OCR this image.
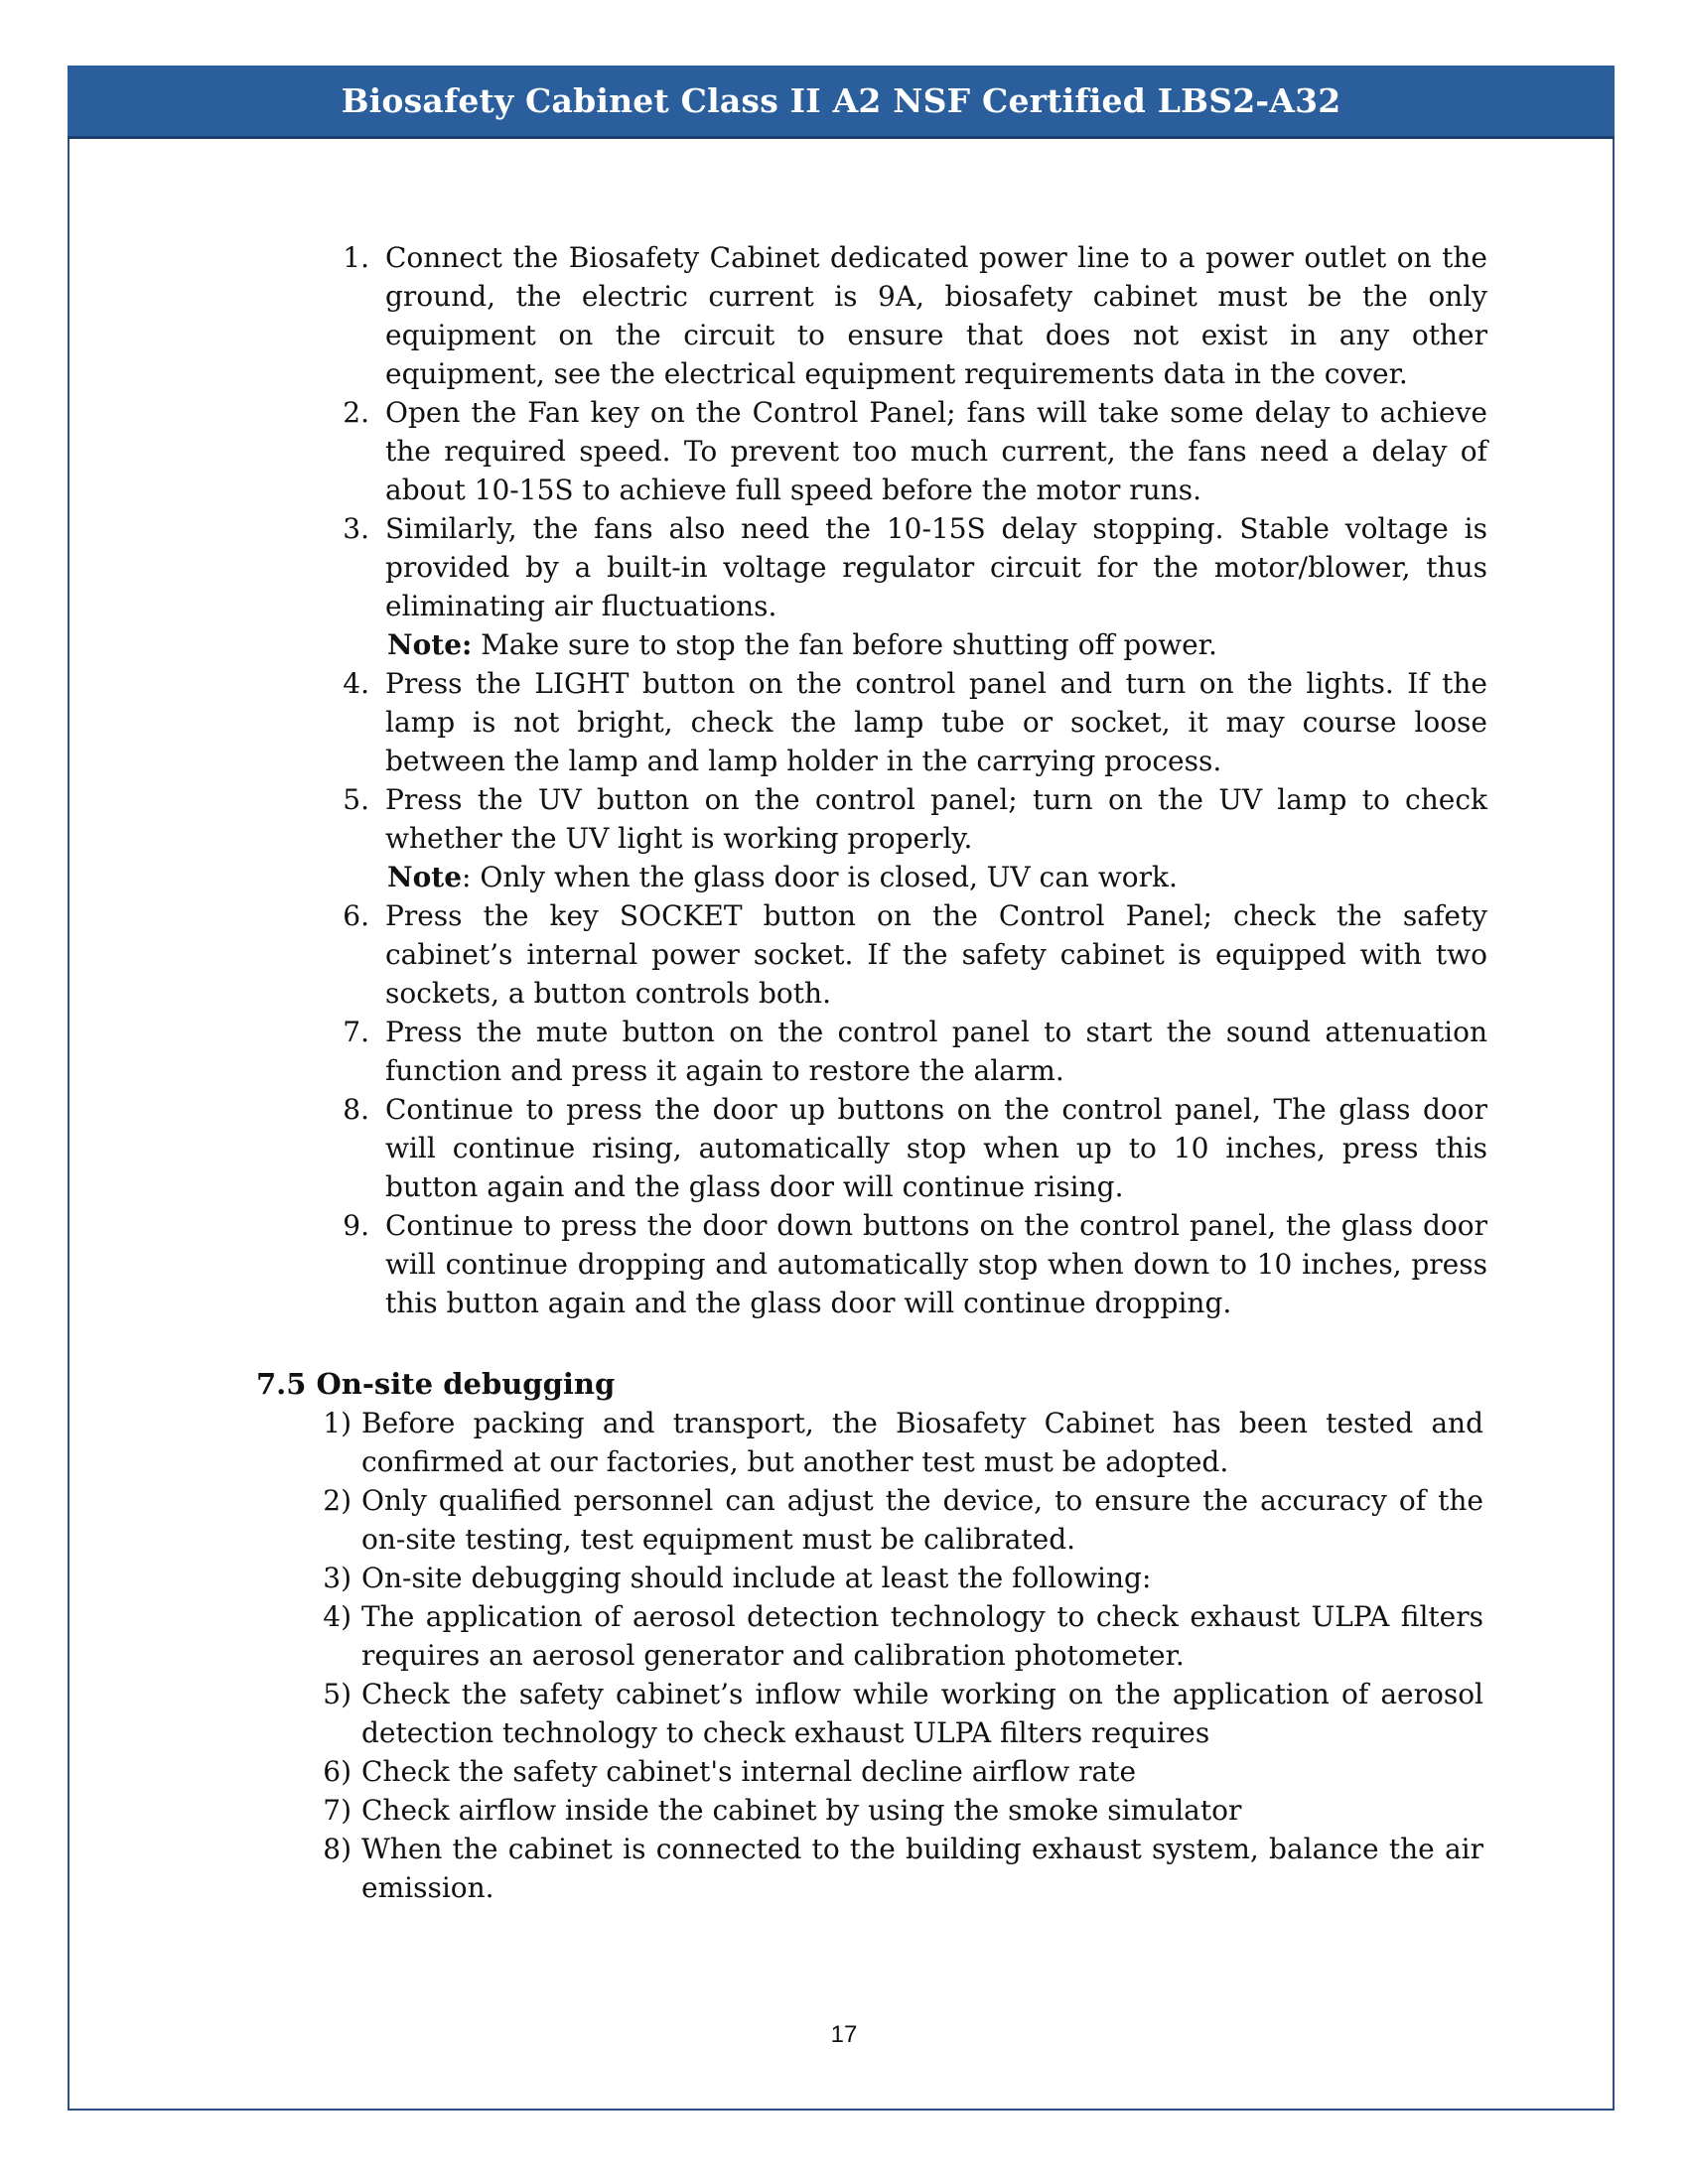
Biosafety Cabinet Class II A2 NSF Certified LBS2-A32
1. Connect the Biosafety Cabinet dedicated power line to a power outlet on the ground, the electric current is 9A, biosafety cabinet must be the only equipment on the circuit to ensure that does not exist in any other equipment, see the electrical equipment requirements data in the cover.
2. Open the Fan key on the Control Panel; fans will take some delay to achieve the required speed. To prevent too much current, the fans need a delay of about 10-15S to achieve full speed before the motor runs.
3. Similarly, the fans also need the 10-15S delay stopping. Stable voltage is provided by a built-in voltage regulator circuit for the motor/blower, thus eliminating air fluctuations.

Note: Make sure to stop the fan before shutting off power.

4. Press the LIGHT button on the control panel and turn on the lights. If the lamp is not bright, check the lamp tube or socket, it may course loose between the lamp and lamp holder in the carrying process.
5. Press the UV button on the control panel; turn on the UV lamp to check whether the UV light is working properly.

Note: Only when the glass door is closed, UV can work.

6. Press the key SOCKET button on the Control Panel; check the safety cabinet’s internal power socket. If the safety cabinet is equipped with two sockets, a button controls both.
7. Press the mute button on the control panel to start the sound attenuation function and press it again to restore the alarm.
8. Continue to press the door up buttons on the control panel, The glass door will continue rising, automatically stop when up to 10 inches, press this button again and the glass door will continue rising.
9. Continue to press the door down buttons on the control panel, the glass door will continue dropping and automatically stop when down to 10 inches, press this button again and the glass door will continue dropping.
7.5 On-site debugging
1) Before packing and transport, the Biosafety Cabinet has been tested and confirmed at our factories, but another test must be adopted.
2) Only qualified personnel can adjust the device, to ensure the accuracy of the on-site testing, test equipment must be calibrated.
3) On-site debugging should include at least the following:
4) The application of aerosol detection technology to check exhaust ULPA filters requires an aerosol generator and calibration photometer.
5) Check the safety cabinet’s inflow while working on the application of aerosol detection technology to check exhaust ULPA filters requires
6) Check the safety cabinet's internal decline airflow rate
7) Check airflow inside the cabinet by using the smoke simulator
8) When the cabinet is connected to the building exhaust system, balance the air emission.
17
